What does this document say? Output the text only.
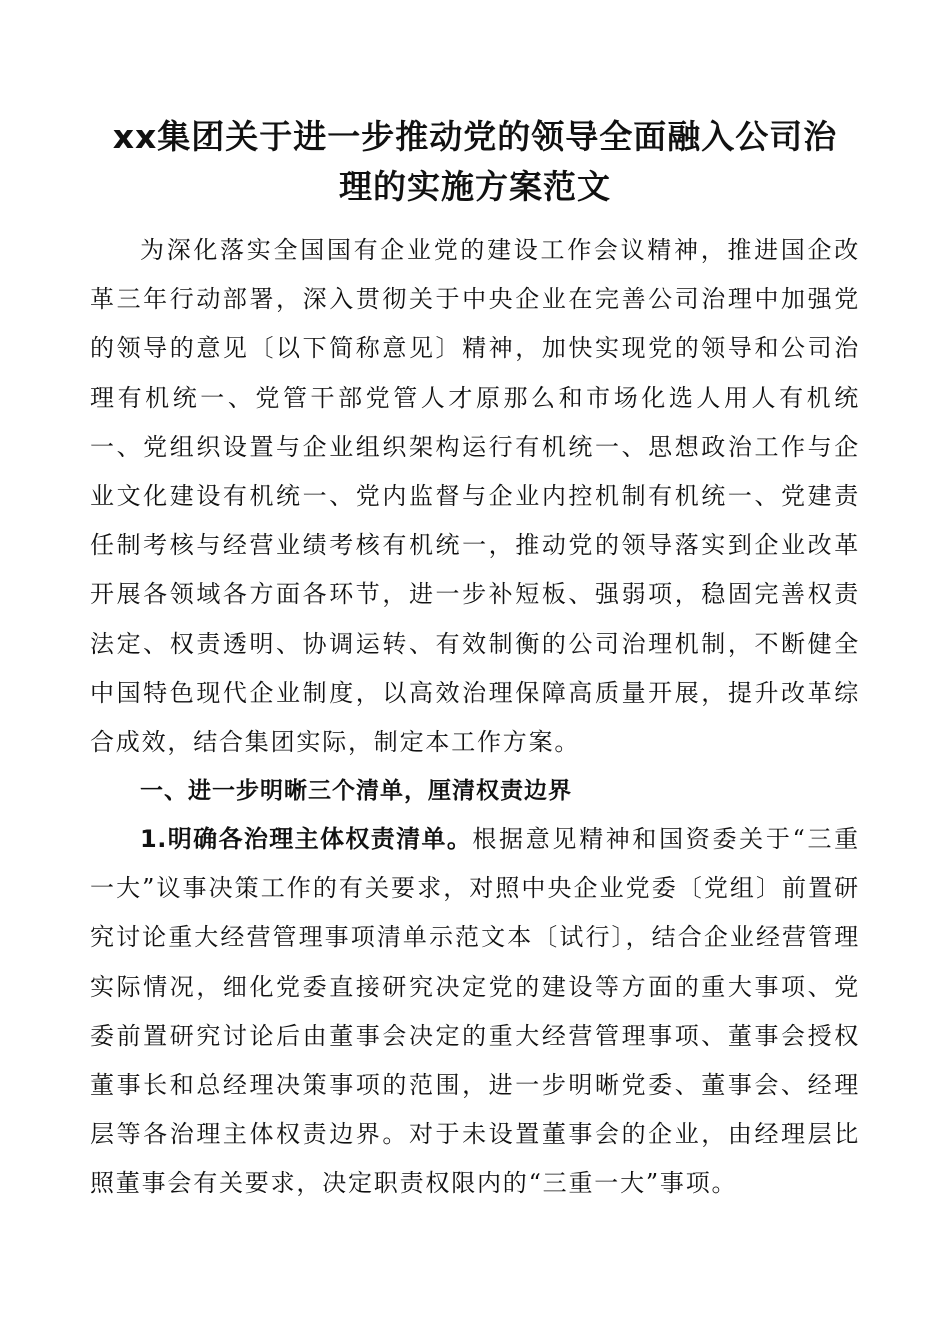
xx集团关于进一步推动党的领导全面融入公司治理的实施方案范文

为深化落实全国国有企业党的建设工作会议精神，推进国企改革三年行动部署，深入贯彻关于中央企业在完善公司治理中加强党的领导的意见〔以下简称意见〕精神，加快实现党的领导和公司治理有机统一、党管干部党管人才原那么和市场化选人用人有机统一、党组织设置与企业组织架构运行有机统一、思想政治工作与企业文化建设有机统一、党内监督与企业内控机制有机统一、党建责任制考核与经营业绩考核有机统一，推动党的领导落实到企业改革开展各领域各方面各环节，进一步补短板、强弱项，稳固完善权责法定、权责透明、协调运转、有效制衡的公司治理机制，不断健全中国特色现代企业制度，以高效治理保障高质量开展，提升改革综合成效，结合集团实际，制定本工作方案。

一、进一步明晰三个清单，厘清权责边界

1.明确各治理主体权责清单。根据意见精神和国资委关于“三重一大”议事决策工作的有关要求，对照中央企业党委〔党组〕前置研究讨论重大经营管理事项清单示范文本〔试行〕，结合企业经营管理实际情况，细化党委直接研究决定党的建设等方面的重大事项、党委前置研究讨论后由董事会决定的重大经营管理事项、董事会授权董事长和总经理决策事项的范围，进一步明晰党委、董事会、经理层等各治理主体权责边界。对于未设置董事会的企业，由经理层比照董事会有关要求，决定职责权限内的“三重一大”事项。
